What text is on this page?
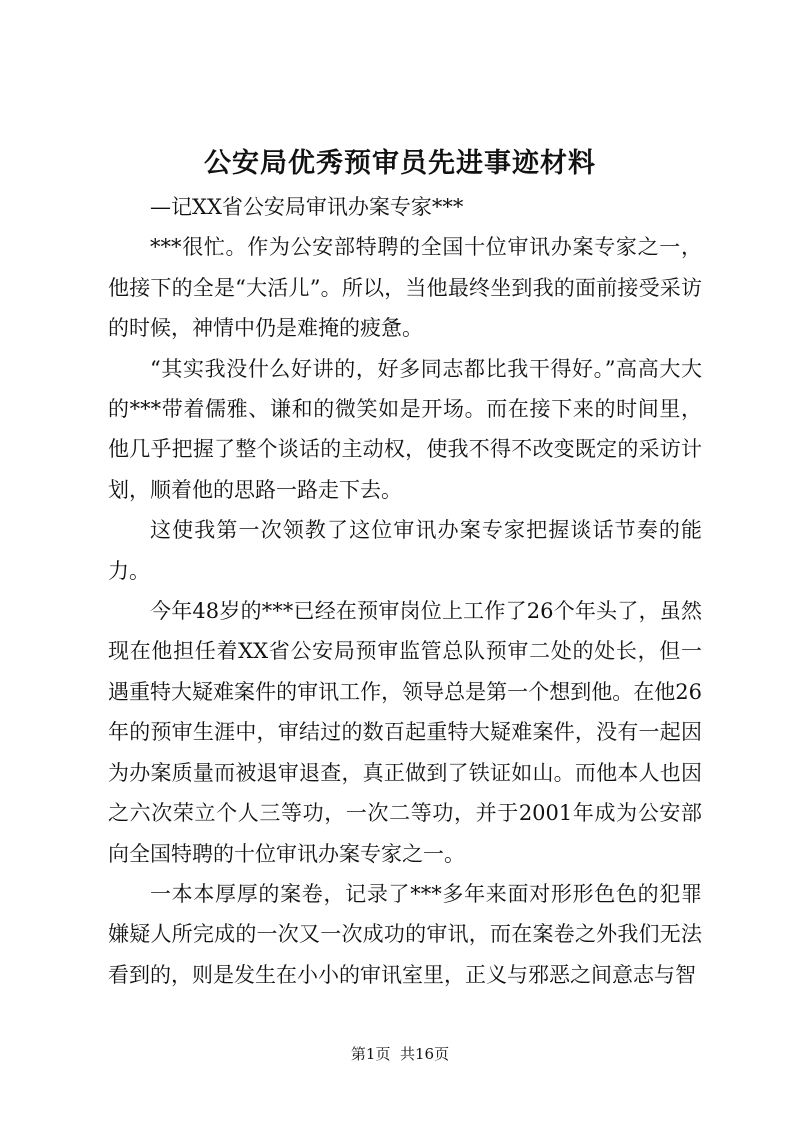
公安局优秀预审员先进事迹材料

—记XX省公安局审讯办案专家***

***很忙。作为公安部特聘的全国十位审讯办案专家之一，他接下的全是“大活儿”。所以，当他最终坐到我的面前接受采访的时候，神情中仍是难掩的疲惫。

“其实我没什么好讲的，好多同志都比我干得好。”高高大大的***带着儒雅、谦和的微笑如是开场。而在接下来的时间里，他几乎把握了整个谈话的主动权，使我不得不改变既定的采访计划，顺着他的思路一路走下去。

这使我第一次领教了这位审讯办案专家把握谈话节奏的能力。

今年48岁的***已经在预审岗位上工作了26个年头了，虽然现在他担任着XX省公安局预审监管总队预审二处的处长，但一遇重特大疑难案件的审讯工作，领导总是第一个想到他。在他26年的预审生涯中，审结过的数百起重特大疑难案件，没有一起因为办案质量而被退审退查，真正做到了铁证如山。而他本人也因之六次荣立个人三等功，一次二等功，并于2001年成为公安部向全国特聘的十位审讯办案专家之一。

一本本厚厚的案卷，记录了***多年来面对形形色色的犯罪嫌疑人所完成的一次又一次成功的审讯，而在案卷之外我们无法看到的，则是发生在小小的审讯室里，正义与邪恶之间意志与智

第1页  共16页
